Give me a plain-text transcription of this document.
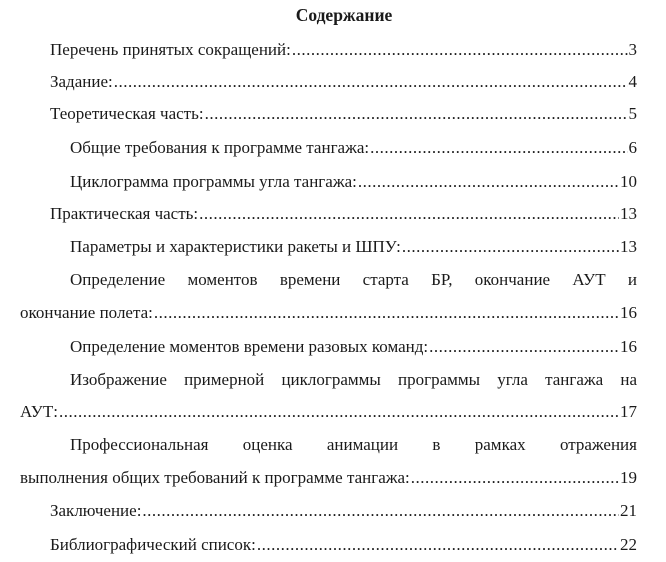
Содержание
Перечень принятых сокращений: .....	3
Задание: .....	4
Теоретическая часть: .....	5
Общие требования к программе тангажа: .....	6
Циклограмма программы угла тангажа: .....	10
Практическая часть: .....	13
Параметры и характеристики ракеты и ШПУ: .....	13
Определение моментов времени старта БР, окончание АУТ и
окончание полета: .....	16
Определение моментов времени разовых команд: .....	16
Изображение примерной циклограммы программы угла тангажа на
АУТ: .....	17
Профессиональная оценка анимации в рамках отражения
выполнения общих требований к программе тангажа: .....	19
Заключение: .....	21
Библиографический список: .....	22
